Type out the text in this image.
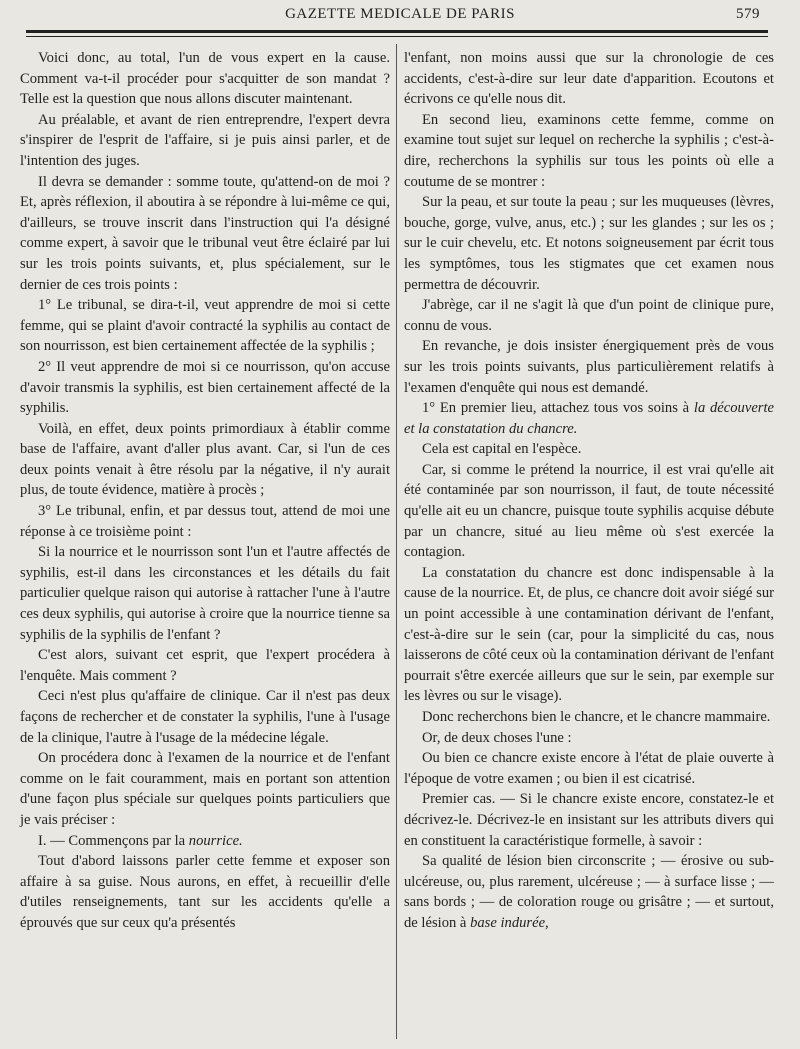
GAZETTE MEDICALE DE PARIS	579

Voici donc, au total, l'un de vous expert en la cause. Comment va-t-il procéder pour s'acquitter de son mandat ? Telle est la question que nous allons discuter maintenant.

Au préalable, et avant de rien entreprendre, l'expert devra s'inspirer de l'esprit de l'affaire, si je puis ainsi parler, et de l'intention des juges.

Il devra se demander : somme toute, qu'attend-on de moi ? Et, après réflexion, il aboutira à se répondre à lui-même ce qui, d'ailleurs, se trouve inscrit dans l'instruction qui l'a désigné comme expert, à savoir que le tribunal veut être éclairé par lui sur les trois points suivants, et, plus spécialement, sur le dernier de ces trois points :

1° Le tribunal, se dira-t-il, veut apprendre de moi si cette femme, qui se plaint d'avoir contracté la syphilis au contact de son nourrisson, est bien certainement affectée de la syphilis ;

2° Il veut apprendre de moi si ce nourrisson, qu'on accuse d'avoir transmis la syphilis, est bien certainement affecté de la syphilis.

Voilà, en effet, deux points primordiaux à établir comme base de l'affaire, avant d'aller plus avant. Car, si l'un de ces deux points venait à être résolu par la négative, il n'y aurait plus, de toute évidence, matière à procès ;

3° Le tribunal, enfin, et par dessus tout, attend de moi une réponse à ce troisième point :

Si la nourrice et le nourrisson sont l'un et l'autre affectés de syphilis, est-il dans les circonstances et les détails du fait particulier quelque raison qui autorise à rattacher l'une à l'autre ces deux syphilis, qui autorise à croire que la nourrice tienne sa syphilis de la syphilis de l'enfant ?

C'est alors, suivant cet esprit, que l'expert procédera à l'enquête. Mais comment ?

Ceci n'est plus qu'affaire de clinique. Car il n'est pas deux façons de rechercher et de constater la syphilis, l'une à l'usage de la clinique, l'autre à l'usage de la médecine légale.

On procédera donc à l'examen de la nourrice et de l'enfant comme on le fait couramment, mais en portant son attention d'une façon plus spéciale sur quelques points particuliers que je vais préciser :

I. — Commençons par la nourrice.

Tout d'abord laissons parler cette femme et exposer son affaire à sa guise. Nous aurons, en effet, à recueillir d'elle d'utiles renseignements, tant sur les accidents qu'elle a éprouvés que sur ceux qu'a présentés

l'enfant, non moins aussi que sur la chronologie de ces accidents, c'est-à-dire sur leur date d'apparition. Ecoutons et écrivons ce qu'elle nous dit.

En second lieu, examinons cette femme, comme on examine tout sujet sur lequel on recherche la syphilis ; c'est-à-dire, recherchons la syphilis sur tous les points où elle a coutume de se montrer :

Sur la peau, et sur toute la peau ; sur les muqueuses (lèvres, bouche, gorge, vulve, anus, etc.) ; sur les glandes ; sur les os ; sur le cuir chevelu, etc. Et notons soigneusement par écrit tous les symptômes, tous les stigmates que cet examen nous permettra de découvrir.

J'abrège, car il ne s'agit là que d'un point de clinique pure, connu de vous.

En revanche, je dois insister énergiquement près de vous sur les trois points suivants, plus particulièrement relatifs à l'examen d'enquête qui nous est demandé.

1° En premier lieu, attachez tous vos soins à la découverte et la constatation du chancre.

Cela est capital en l'espèce.

Car, si comme le prétend la nourrice, il est vrai qu'elle ait été contaminée par son nourrisson, il faut, de toute nécessité qu'elle ait eu un chancre, puisque toute syphilis acquise débute par un chancre, situé au lieu même où s'est exercée la contagion.

La constatation du chancre est donc indispensable à la cause de la nourrice. Et, de plus, ce chancre doit avoir siégé sur un point accessible à une contamination dérivant de l'enfant, c'est-à-dire sur le sein (car, pour la simplicité du cas, nous laisserons de côté ceux où la contamination dérivant de l'enfant pourrait s'être exercée ailleurs que sur le sein, par exemple sur les lèvres ou sur le visage).

Donc recherchons bien le chancre, et le chancre mammaire.

Or, de deux choses l'une :

Ou bien ce chancre existe encore à l'état de plaie ouverte à l'époque de votre examen ; ou bien il est cicatrisé.

Premier cas. — Si le chancre existe encore, constatez-le et décrivez-le. Décrivez-le en insistant sur les attributs divers qui en constituent la caractéristique formelle, à savoir :

Sa qualité de lésion bien circonscrite ; — érosive ou sub-ulcéreuse, ou, plus rarement, ulcéreuse ; — à surface lisse ; — sans bords ; — de coloration rouge ou grisâtre ; — et surtout, de lésion à base indurée,
